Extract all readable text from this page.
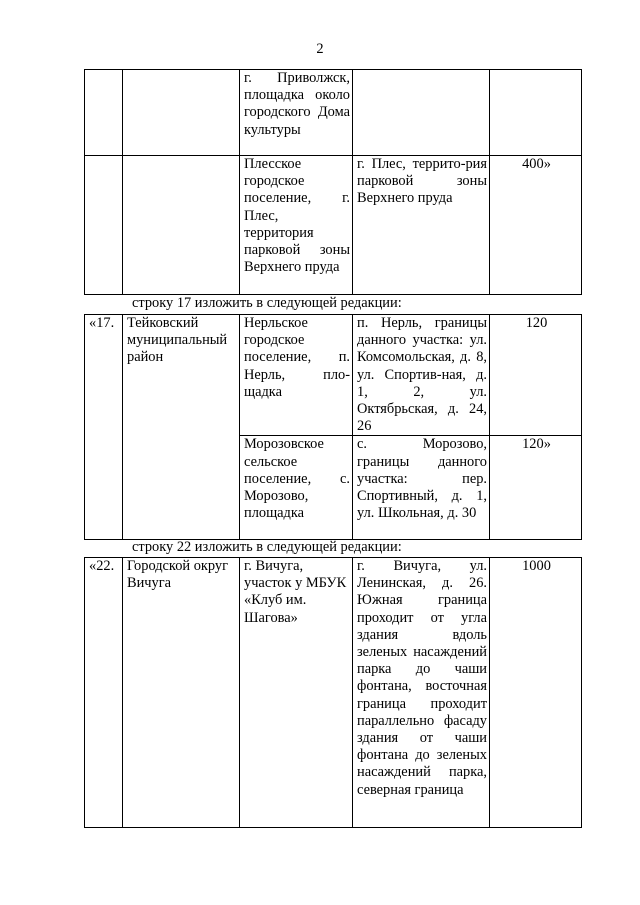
2
		г. Приволжск, площадка около городского Дома культуры		
		Плесское городское поселение, г. Плес, территория парковой зоны Верхнего пруда	г. Плес, террито-рия парковой зоны Верхнего пруда	400»
строку 17 изложить в следующей редакции:
«17.	Тейковский муниципальный район	Нерльское городское поселение, п. Нерль, пло-щадка	п. Нерль, границы данного участка: ул. Комсомольская, д. 8, ул. Спортив-ная, д. 1, 2, ул. Октябрьская, д. 24, 26	120
		Морозовское сельское поселение, с. Морозово, площадка	с. Морозово, границы данного участка: пер. Спортивный, д. 1, ул. Школьная, д. 30	120»
строку 22 изложить в следующей редакции:
«22.	Городской округ Вичуга	г. Вичуга, участок у МБУК «Клуб им. Шагова»	г. Вичуга, ул. Ленинская, д. 26. Южная граница проходит от угла здания вдоль зеленых насаждений парка до чаши фонтана, восточная граница проходит параллельно фасаду здания от чаши фонтана до зеленых насаждений парка, северная граница	1000
